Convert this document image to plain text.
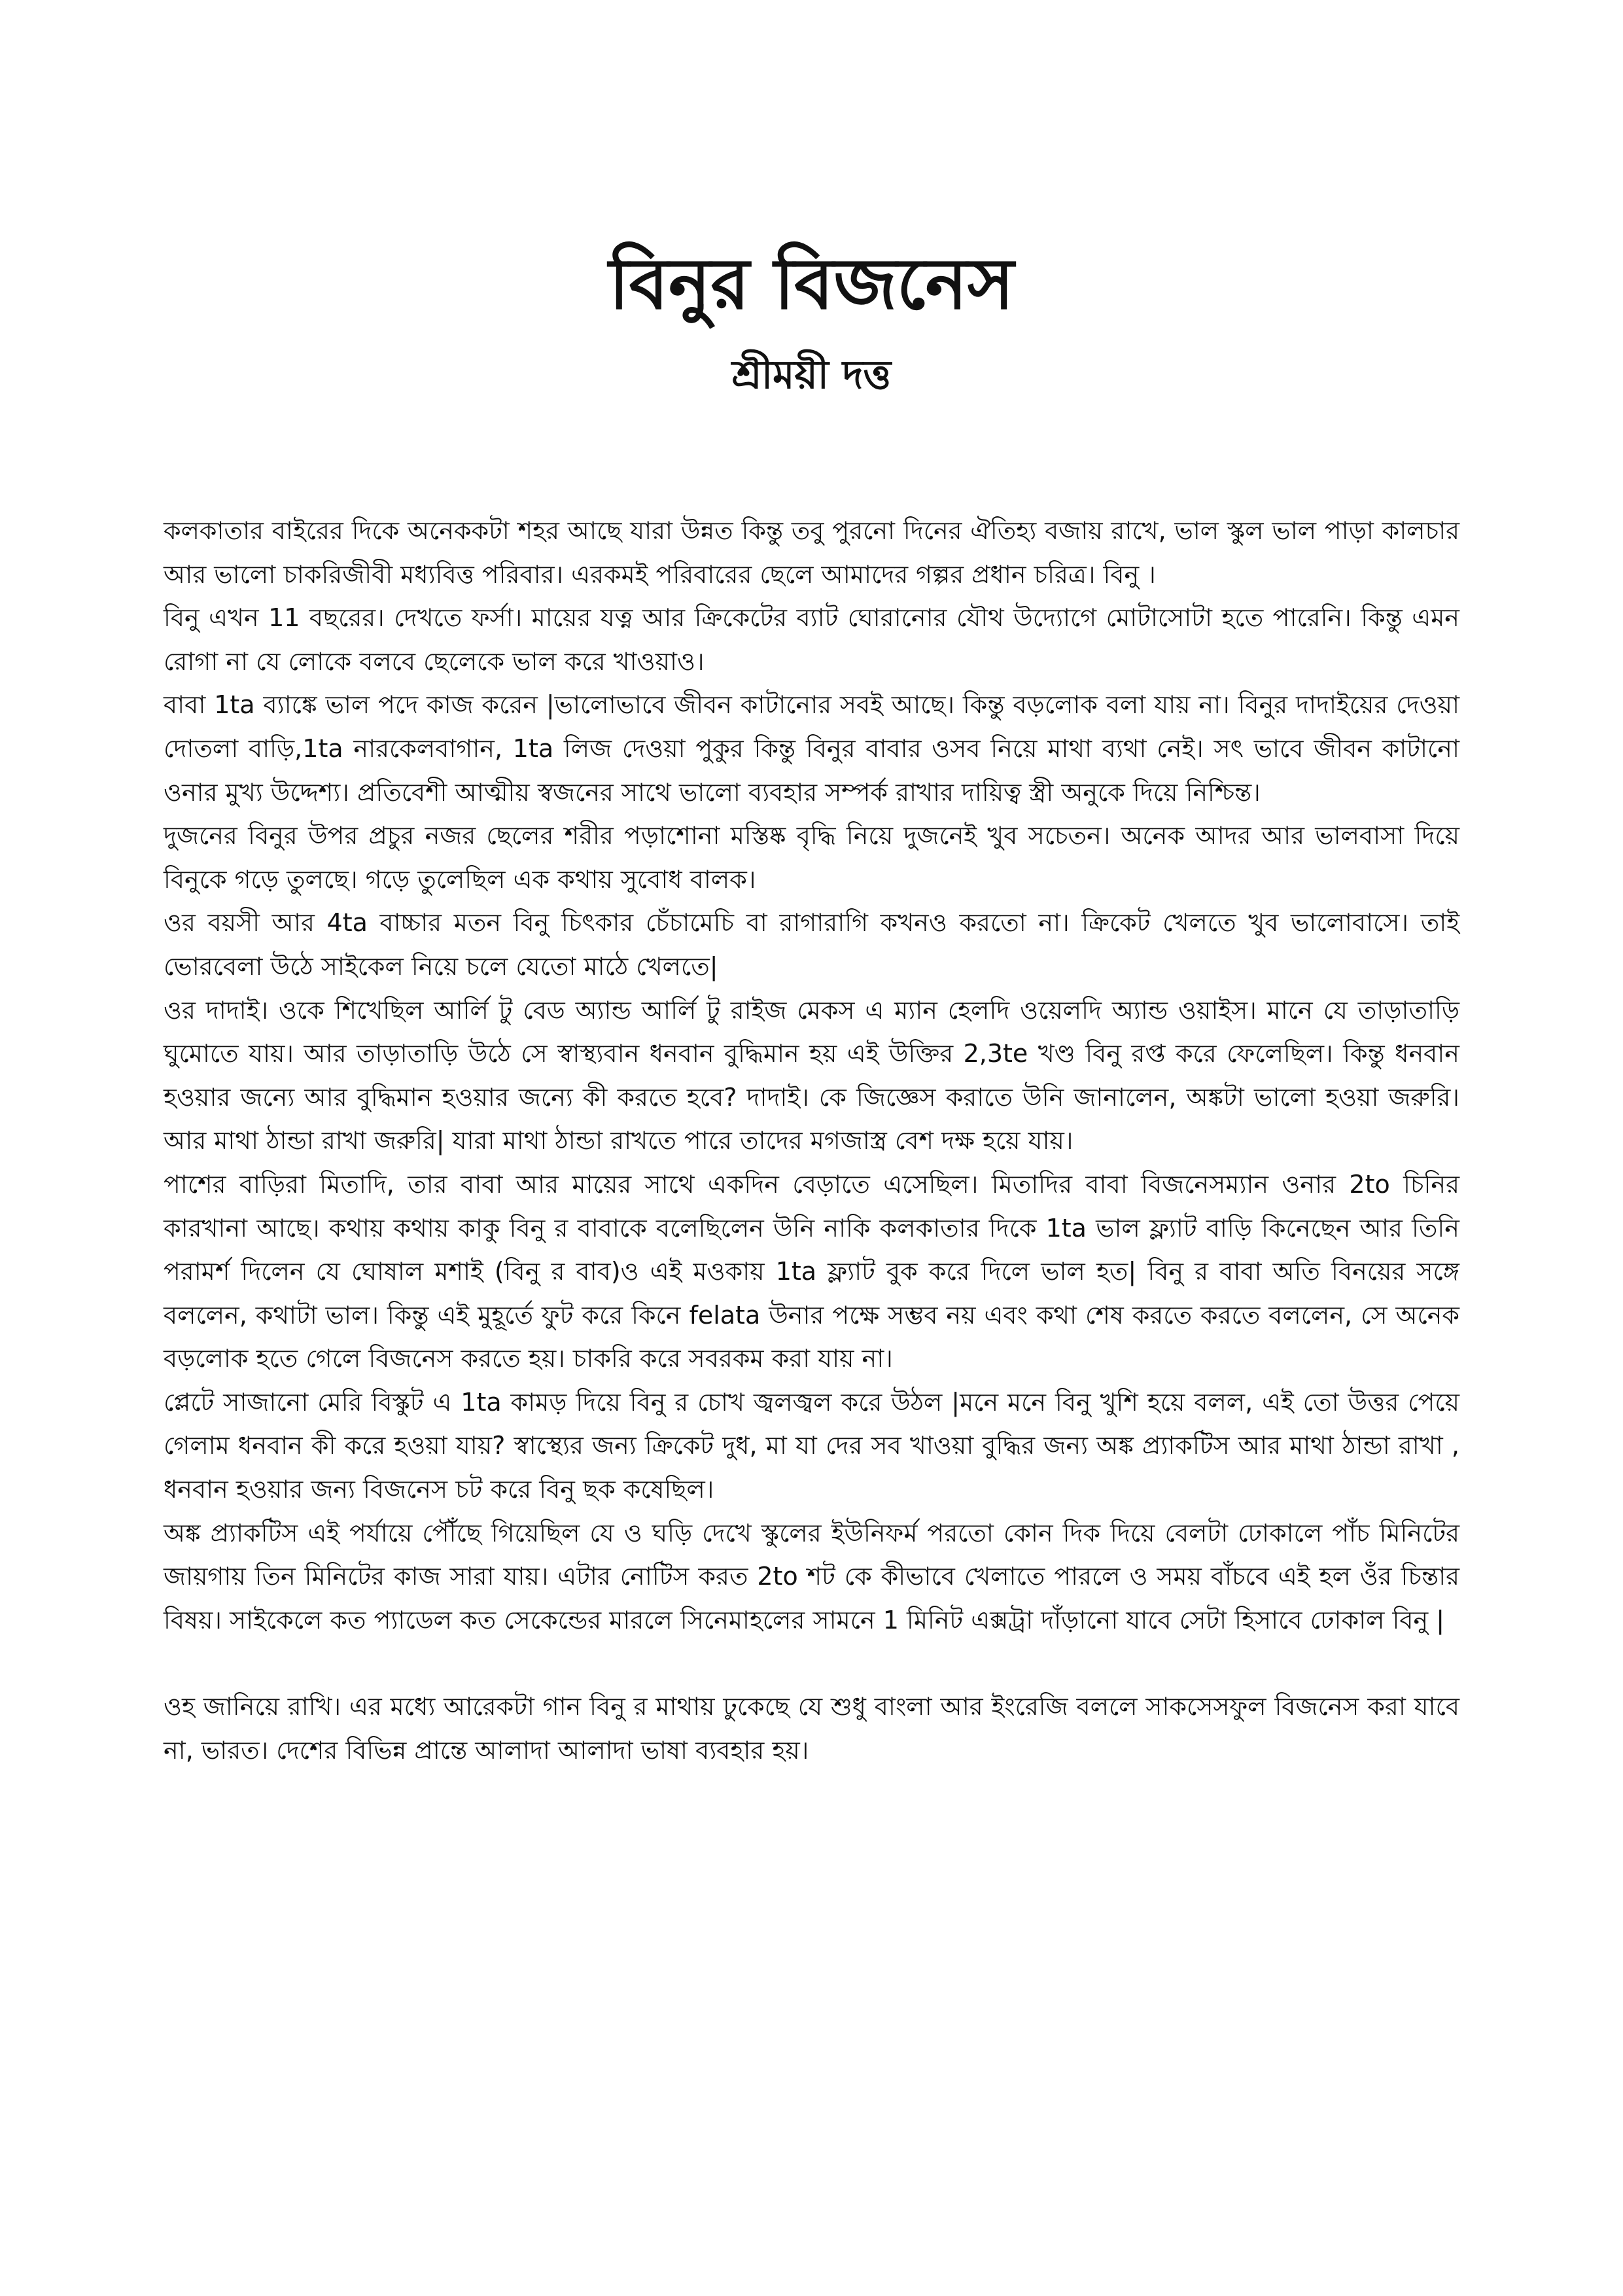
বিনুর বিজনেস
শ্রীময়ী দত্ত

কলকাতার বাইরের দিকে অনেককটা শহর আছে যারা উন্নত কিন্তু তবু পুরনো দিনের ঐতিহ্য বজায় রাখে, ভাল স্কুল ভাল পাড়া কালচার আর ভালো চাকরিজীবী মধ্যবিত্ত পরিবার। এরকমই পরিবারের ছেলে আমাদের গল্পর প্রধান চরিত্র। বিনু ।

বিনু এখন 11 বছরের। দেখতে ফর্সা। মায়ের যত্ন আর ক্রিকেটের ব্যাট ঘোরানোর যৌথ উদ্যোগে মোটাসোটা হতে পারেনি। কিন্তু এমন রোগা না যে লোকে বলবে ছেলেকে ভাল করে খাওয়াও।

বাবা 1ta ব্যাঙ্কে ভাল পদে কাজ করেন |ভালোভাবে জীবন কাটানোর সবই আছে। কিন্তু বড়লোক বলা যায় না। বিনুর দাদাইয়ের দেওয়া দোতলা বাড়ি,1ta নারকেলবাগান, 1ta লিজ দেওয়া পুকুর কিন্তু বিনুর বাবার ওসব নিয়ে মাথা ব্যথা নেই। সৎ ভাবে জীবন কাটানো ওনার মুখ্য উদ্দেশ্য। প্রতিবেশী আত্মীয় স্বজনের সাথে ভালো ব্যবহার সম্পর্ক রাখার দায়িত্ব স্ত্রী অনুকে দিয়ে নিশ্চিন্ত।

দুজনের বিনুর উপর প্রচুর নজর ছেলের শরীর পড়াশোনা মস্তিষ্ক বৃদ্ধি নিয়ে দুজনেই খুব সচেতন। অনেক আদর আর ভালবাসা দিয়ে বিনুকে গড়ে তুলছে। গড়ে তুলেছিল এক কথায় সুবোধ বালক।

ওর বয়সী আর 4ta বাচ্চার মতন বিনু চিৎকার চেঁচামেচি বা রাগারাগি কখনও করতো না। ক্রিকেট খেলতে খুব ভালোবাসে। তাই ভোরবেলা উঠে সাইকেল নিয়ে চলে যেতো মাঠে খেলতে|

ওর দাদাই। ওকে শিখেছিল আর্লি টু বেড অ্যান্ড আর্লি টু রাইজ মেকস এ ম্যান হেলদি ওয়েলদি অ্যান্ড ওয়াইস। মানে যে তাড়াতাড়ি ঘুমোতে যায়। আর তাড়াতাড়ি উঠে সে স্বাস্থ্যবান ধনবান বুদ্ধিমান হয় এই উক্তির 2,3te খণ্ড বিনু রপ্ত করে ফেলেছিল। কিন্তু ধনবান হওয়ার জন্যে আর বুদ্ধিমান হওয়ার জন্যে কী করতে হবে? দাদাই। কে জিজ্ঞেস করাতে উনি জানালেন, অঙ্কটা ভালো হওয়া জরুরি। আর মাথা ঠান্ডা রাখা জরুরি| যারা মাথা ঠান্ডা রাখতে পারে তাদের মগজাস্ত্র বেশ দক্ষ হয়ে যায়।

পাশের বাড়িরা মিতাদি, তার বাবা আর মায়ের সাথে একদিন বেড়াতে এসেছিল। মিতাদির বাবা বিজনেসম্যান ওনার 2to চিনির কারখানা আছে। কথায় কথায় কাকু বিনু র বাবাকে বলেছিলেন উনি নাকি কলকাতার দিকে 1ta ভাল ফ্ল্যাট বাড়ি কিনেছেন আর তিনি পরামর্শ দিলেন যে ঘোষাল মশাই (বিনু র বাব)ও এই মওকায় 1ta ফ্ল্যাট বুক করে দিলে ভাল হত| বিনু র বাবা অতি বিনয়ের সঙ্গে বললেন, কথাটা ভাল। কিন্তু এই মুহূর্তে ফুট করে কিনে felata উনার পক্ষে সম্ভব নয় এবং কথা শেষ করতে করতে বললেন, সে অনেক বড়লোক হতে গেলে বিজনেস করতে হয়। চাকরি করে সবরকম করা যায় না।

প্লেটে সাজানো মেরি বিস্কুট এ 1ta কামড় দিয়ে বিনু র চোখ জ্বলজ্বল করে উঠল |মনে মনে বিনু খুশি হয়ে বলল, এই তো উত্তর পেয়ে গেলাম ধনবান কী করে হওয়া যায়? স্বাস্থ্যের জন্য ক্রিকেট দুধ, মা যা দের সব খাওয়া বুদ্ধির জন্য অঙ্ক প্র্যাকটিস আর মাথা ঠান্ডা রাখা , ধনবান হওয়ার জন্য বিজনেস চট করে বিনু ছক কষেছিল।

অঙ্ক প্র্যাকটিস এই পর্যায়ে পৌঁছে গিয়েছিল যে ও ঘড়ি দেখে স্কুলের ইউনিফর্ম পরতো কোন দিক দিয়ে বেলটা ঢোকালে পাঁচ মিনিটের জায়গায় তিন মিনিটের কাজ সারা যায়। এটার নোটিস করত 2to শট কে কীভাবে খেলাতে পারলে ও সময় বাঁচবে এই হল ওঁর চিন্তার বিষয়। সাইকেলে কত প্যাডেল কত সেকেন্ডের মারলে সিনেমাহলের সামনে 1 মিনিট এক্সট্রা দাঁড়ানো যাবে সেটা হিসাবে ঢোকাল বিনু |

ওহ জানিয়ে রাখি। এর মধ্যে আরেকটা গান বিনু র মাথায় ঢুকেছে যে শুধু বাংলা আর ইংরেজি বললে সাকসেসফুল বিজনেস করা যাবে না, ভারত। দেশের বিভিন্ন প্রান্তে আলাদা আলাদা ভাষা ব্যবহার হয়।
